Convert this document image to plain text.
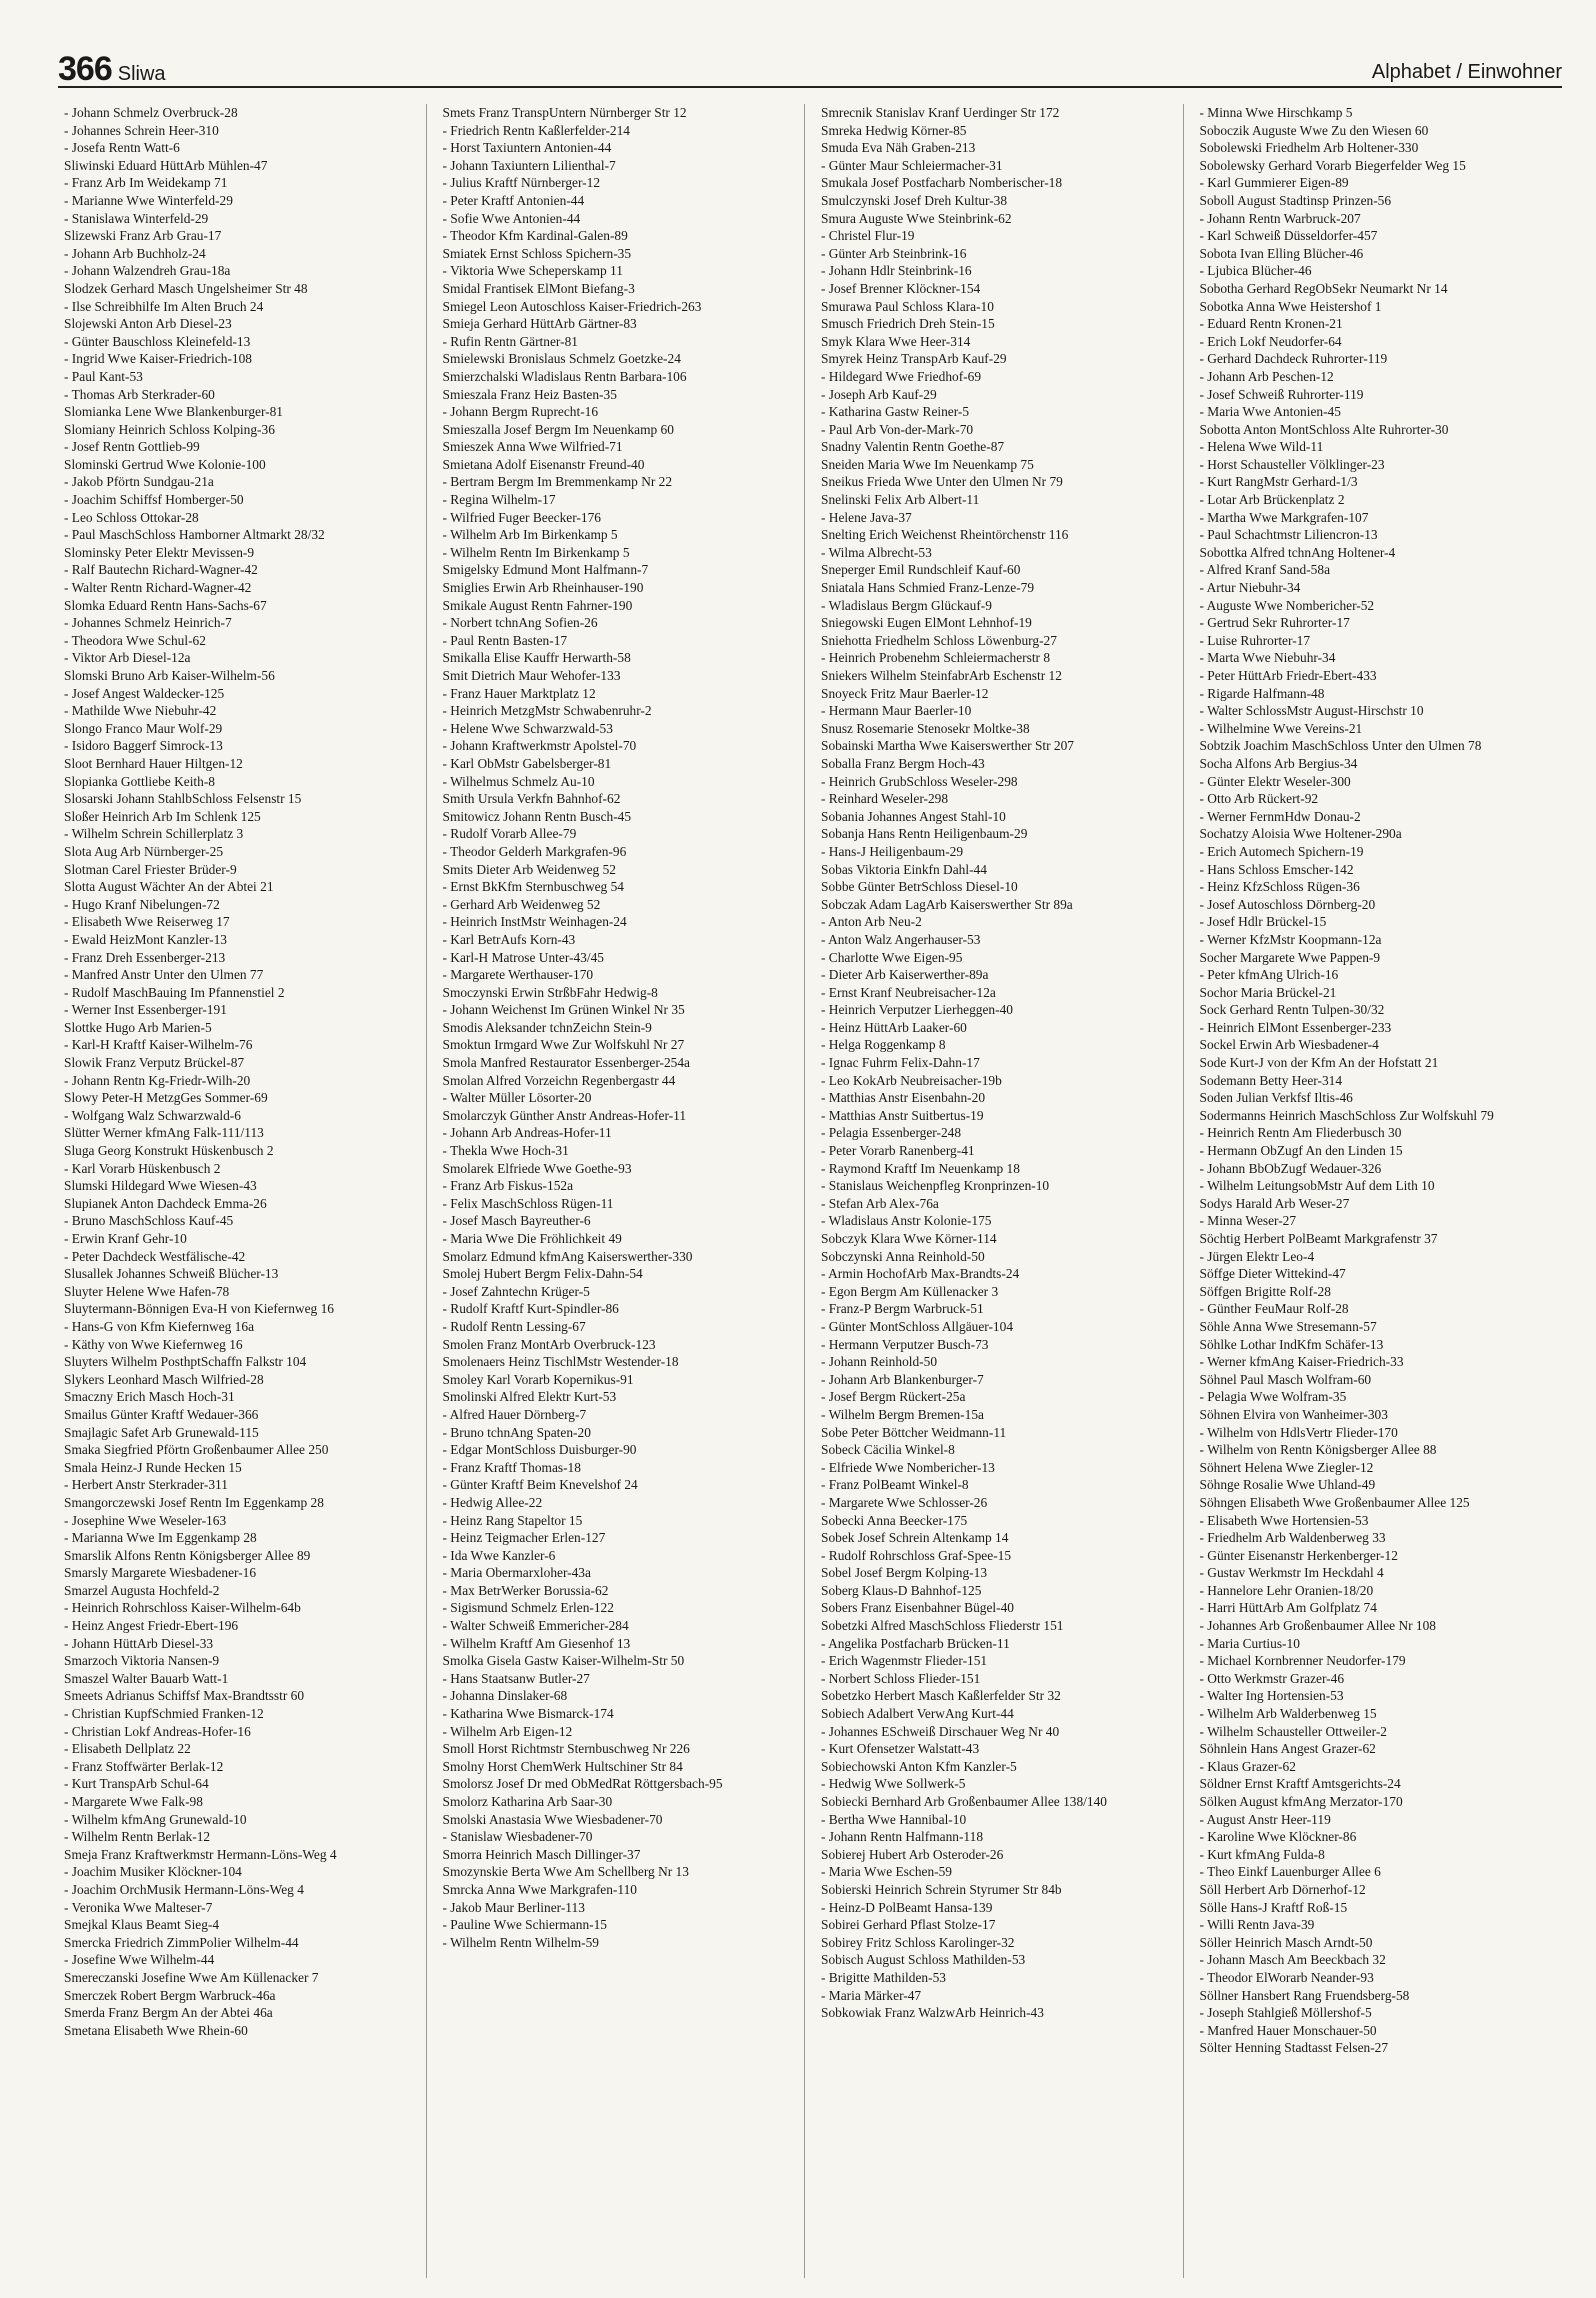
366 Sliwa	Alphabet / Einwohner

- Johann Schmelz Overbruck-28

- Johannes Schrein Heer-310

- Josefa Rentn Watt-6

Sliwinski Eduard HüttArb Mühlen-47

- Franz Arb Im Weidekamp 71

- Marianne Wwe Winterfeld-29

- Stanislawa Winterfeld-29

Slizewski Franz Arb Grau-17

- Johann Arb Buchholz-24

- Johann Walzendreh Grau-18a

Slodzek Gerhard Masch Ungelsheimer Str 48

- Ilse Schreibhilfe Im Alten Bruch 24

Slojewski Anton Arb Diesel-23

- Günter Bauschloss Kleinefeld-13

- Ingrid Wwe Kaiser-Friedrich-108

- Paul Kant-53

- Thomas Arb Sterkrader-60

Slomianka Lene Wwe Blankenburger-81

Slomiany Heinrich Schloss Kolping-36

- Josef Rentn Gottlieb-99

Slominski Gertrud Wwe Kolonie-100

- Jakob Pförtn Sundgau-21a

- Joachim Schiffsf Homberger-50

- Leo Schloss Ottokar-28

- Paul MaschSchloss Hamborner Altmarkt 28/32

Slominsky Peter Elektr Mevissen-9

- Ralf Bautechn Richard-Wagner-42

- Walter Rentn Richard-Wagner-42

Slomka Eduard Rentn Hans-Sachs-67

- Johannes Schmelz Heinrich-7

- Theodora Wwe Schul-62

- Viktor Arb Diesel-12a

Slomski Bruno Arb Kaiser-Wilhelm-56

- Josef Angest Waldecker-125

- Mathilde Wwe Niebuhr-42

Slongo Franco Maur Wolf-29

- Isidoro Baggerf Simrock-13

Sloot Bernhard Hauer Hiltgen-12

Slopianka Gottliebe Keith-8

Slosarski Johann StahlbSchloss Felsenstr 15

Sloßer Heinrich Arb Im Schlenk 125

- Wilhelm Schrein Schillerplatz 3

Slota Aug Arb Nürnberger-25

Slotman Carel Friester Brüder-9

Slotta August Wächter An der Abtei 21

- Hugo Kranf Nibelungen-72

- Elisabeth Wwe Reiserweg 17

- Ewald HeizMont Kanzler-13

- Franz Dreh Essenberger-213

- Manfred Anstr Unter den Ulmen 77

- Rudolf MaschBauing Im Pfannenstiel 2

- Werner Inst Essenberger-191

Slottke Hugo Arb Marien-5

- Karl-H Kraftf Kaiser-Wilhelm-76

Slowik Franz Verputz Brückel-87

- Johann Rentn Kg-Friedr-Wilh-20

Slowy Peter-H MetzgGes Sommer-69

- Wolfgang Walz Schwarzwald-6

Slütter Werner kfmAng Falk-111/113

Sluga Georg Konstrukt Hüskenbusch 2

- Karl Vorarb Hüskenbusch 2

Slumski Hildegard Wwe Wiesen-43

Slupianek Anton Dachdeck Emma-26

- Bruno MaschSchloss Kauf-45

- Erwin Kranf Gehr-10

- Peter Dachdeck Westfälische-42

Slusallek Johannes Schweiß Blücher-13

Sluyter Helene Wwe Hafen-78

Sluytermann-Bönnigen Eva-H von Kiefernweg 16

- Hans-G von Kfm Kiefernweg 16a

- Käthy von Wwe Kiefernweg 16

Sluyters Wilhelm PosthptSchaffn Falkstr 104

Slykers Leonhard Masch Wilfried-28

Smaczny Erich Masch Hoch-31

Smailus Günter Kraftf Wedauer-366

Smajlagic Safet Arb Grunewald-115

Smaka Siegfried Pförtn Großenbaumer Allee 250

Smala Heinz-J Runde Hecken 15

- Herbert Anstr Sterkrader-311

Smangorczewski Josef Rentn Im Eggenkamp 28

- Josephine Wwe Weseler-163

- Marianna Wwe Im Eggenkamp 28

Smarslik Alfons Rentn Königsberger Allee 89

Smarsly Margarete Wiesbadener-16

Smarzel Augusta Hochfeld-2

- Heinrich Rohrschloss Kaiser-Wilhelm-64b

- Heinz Angest Friedr-Ebert-196

- Johann HüttArb Diesel-33

Smarzoch Viktoria Nansen-9

Smaszel Walter Bauarb Watt-1

Smeets Adrianus Schiffsf Max-Brandtsstr 60

- Christian KupfSchmied Franken-12

- Christian Lokf Andreas-Hofer-16

- Elisabeth Dellplatz 22

- Franz Stoffwärter Berlak-12

- Kurt TranspArb Schul-64

- Margarete Wwe Falk-98

- Wilhelm kfmAng Grunewald-10

- Wilhelm Rentn Berlak-12

Smeja Franz Kraftwerkmstr Hermann-Löns-Weg 4

- Joachim Musiker Klöckner-104

- Joachim OrchMusik Hermann-Löns-Weg 4

- Veronika Wwe Malteser-7

Smejkal Klaus Beamt Sieg-4

Smercka Friedrich ZimmPolier Wilhelm-44

- Josefine Wwe Wilhelm-44

Smereczanski Josefine Wwe Am Küllenacker 7

Smerczek Robert Bergm Warbruck-46a

Smerda Franz Bergm An der Abtei 46a

Smetana Elisabeth Wwe Rhein-60

Smets Franz TranspUntern Nürnberger Str 12

- Friedrich Rentn Kaßlerfelder-214

- Horst Taxiuntern Antonien-44

- Johann Taxiuntern Lilienthal-7

- Julius Kraftf Nürnberger-12

- Peter Kraftf Antonien-44

- Sofie Wwe Antonien-44

- Theodor Kfm Kardinal-Galen-89

Smiatek Ernst Schloss Spichern-35

- Viktoria Wwe Scheperskamp 11

Smidal Frantisek ElMont Biefang-3

Smiegel Leon Autoschloss Kaiser-Friedrich-263

Smieja Gerhard HüttArb Gärtner-83

- Rufin Rentn Gärtner-81

Smielewski Bronislaus Schmelz Goetzke-24

Smierzchalski Wladislaus Rentn Barbara-106

Smieszala Franz Heiz Basten-35

- Johann Bergm Ruprecht-16

Smieszalla Josef Bergm Im Neuenkamp 60

Smieszek Anna Wwe Wilfried-71

Smietana Adolf Eisenanstr Freund-40

- Bertram Bergm Im Bremmenkamp Nr 22

- Regina Wilhelm-17

- Wilfried Fuger Beecker-176

- Wilhelm Arb Im Birkenkamp 5

- Wilhelm Rentn Im Birkenkamp 5

Smigelsky Edmund Mont Halfmann-7

Smiglies Erwin Arb Rheinhauser-190

Smikale August Rentn Fahrner-190

- Norbert tchnAng Sofien-26

- Paul Rentn Basten-17

Smikalla Elise Kauffr Herwarth-58

Smit Dietrich Maur Wehofer-133

- Franz Hauer Marktplatz 12

- Heinrich MetzgMstr Schwabenruhr-2

- Helene Wwe Schwarzwald-53

- Johann Kraftwerkmstr Apolstel-70

- Karl ObMstr Gabelsberger-81

- Wilhelmus Schmelz Au-10

Smith Ursula Verkfn Bahnhof-62

Smitowicz Johann Rentn Busch-45

- Rudolf Vorarb Allee-79

- Theodor Gelderh Markgrafen-96

Smits Dieter Arb Weidenweg 52

- Ernst BkKfm Sternbuschweg 54

- Gerhard Arb Weidenweg 52

- Heinrich InstMstr Weinhagen-24

- Karl BetrAufs Korn-43

- Karl-H Matrose Unter-43/45

- Margarete Werthauser-170

Smoczynski Erwin StrßbFahr Hedwig-8

- Johann Weichenst Im Grünen Winkel Nr 35

Smodis Aleksander tchnZeichn Stein-9

Smoktun Irmgard Wwe Zur Wolfskuhl Nr 27

Smola Manfred Restaurator Essenberger-254a

Smolan Alfred Vorzeichn Regenbergastr 44

- Walter Müller Lösorter-20

Smolarczyk Günther Anstr Andreas-Hofer-11

- Johann Arb Andreas-Hofer-11

- Thekla Wwe Hoch-31

Smolarek Elfriede Wwe Goethe-93

- Franz Arb Fiskus-152a

- Felix MaschSchloss Rügen-11

- Josef Masch Bayreuther-6

- Maria Wwe Die Fröhlichkeit 49

Smolarz Edmund kfmAng Kaiserswerther-330

Smolej Hubert Bergm Felix-Dahn-54

- Josef Zahntechn Krüger-5

- Rudolf Kraftf Kurt-Spindler-86

- Rudolf Rentn Lessing-67

Smolen Franz MontArb Overbruck-123

Smolenaers Heinz TischlMstr Westender-18

Smoley Karl Vorarb Kopernikus-91

Smolinski Alfred Elektr Kurt-53

- Alfred Hauer Dörnberg-7

- Bruno tchnAng Spaten-20

- Edgar MontSchloss Duisburger-90

- Franz Kraftf Thomas-18

- Günter Kraftf Beim Knevelshof 24

- Hedwig Allee-22

- Heinz Rang Stapeltor 15

- Heinz Teigmacher Erlen-127

- Ida Wwe Kanzler-6

- Maria Obermarxloher-43a

- Max BetrWerker Borussia-62

- Sigismund Schmelz Erlen-122

- Walter Schweiß Emmericher-284

- Wilhelm Kraftf Am Giesenhof 13

Smolka Gisela Gastw Kaiser-Wilhelm-Str 50

- Hans Staatsanw Butler-27

- Johanna Dinslaker-68

- Katharina Wwe Bismarck-174

- Wilhelm Arb Eigen-12

Smoll Horst Richtmstr Sternbuschweg Nr 226

Smolny Horst ChemWerk Hultschiner Str 84

Smolorsz Josef Dr med ObMedRat Röttgersbach-95

Smolorz Katharina Arb Saar-30

Smolski Anastasia Wwe Wiesbadener-70

- Stanislaw Wiesbadener-70

Smorra Heinrich Masch Dillinger-37

Smozynskie Berta Wwe Am Schellberg Nr 13

Smrcka Anna Wwe Markgrafen-110

- Jakob Maur Berliner-113

- Pauline Wwe Schiermann-15

- Wilhelm Rentn Wilhelm-59

Smrecnik Stanislav Kranf Uerdinger Str 172

Smreka Hedwig Körner-85

Smuda Eva Näh Graben-213

- Günter Maur Schleiermacher-31

Smukala Josef Postfacharb Nomberischer-18

Smulczynski Josef Dreh Kultur-38

Smura Auguste Wwe Steinbrink-62

- Christel Flur-19

- Günter Arb Steinbrink-16

- Johann Hdlr Steinbrink-16

- Josef Brenner Klöckner-154

Smurawa Paul Schloss Klara-10

Smusch Friedrich Dreh Stein-15

Smyk Klara Wwe Heer-314

Smyrek Heinz TranspArb Kauf-29

- Hildegard Wwe Friedhof-69

- Joseph Arb Kauf-29

- Katharina Gastw Reiner-5

- Paul Arb Von-der-Mark-70

Snadny Valentin Rentn Goethe-87

Sneiden Maria Wwe Im Neuenkamp 75

Sneikus Frieda Wwe Unter den Ulmen Nr 79

Snelinski Felix Arb Albert-11

- Helene Java-37

Snelting Erich Weichenst Rheintörchenstr 116

- Wilma Albrecht-53

Sneperger Emil Rundschleif Kauf-60

Sniatala Hans Schmied Franz-Lenze-79

- Wladislaus Bergm Glückauf-9

Sniegowski Eugen ElMont Lehnhof-19

Sniehotta Friedhelm Schloss Löwenburg-27

- Heinrich Probenehm Schleiermacherstr 8

Sniekers Wilhelm SteinfabrArb Eschenstr 12

Snoyeck Fritz Maur Baerler-12

- Hermann Maur Baerler-10

Snusz Rosemarie Stenosekr Moltke-38

Sobainski Martha Wwe Kaiserswerther Str 207

Soballa Franz Bergm Hoch-43

- Heinrich GrubSchloss Weseler-298

- Reinhard Weseler-298

Sobania Johannes Angest Stahl-10

Sobanja Hans Rentn Heiligenbaum-29

- Hans-J Heiligenbaum-29

Sobas Viktoria Einkfn Dahl-44

Sobbe Günter BetrSchloss Diesel-10

Sobczak Adam LagArb Kaiserswerther Str 89a

- Anton Arb Neu-2

- Anton Walz Angerhauser-53

- Charlotte Wwe Eigen-95

- Dieter Arb Kaiserwerther-89a

- Ernst Kranf Neubreisacher-12a

- Heinrich Verputzer Lierheggen-40

- Heinz HüttArb Laaker-60

- Helga Roggenkamp 8

- Ignac Fuhrm Felix-Dahn-17

- Leo KokArb Neubreisacher-19b

- Matthias Anstr Eisenbahn-20

- Matthias Anstr Suitbertus-19

- Pelagia Essenberger-248

- Peter Vorarb Ranenberg-41

- Raymond Kraftf Im Neuenkamp 18

- Stanislaus Weichenpfleg Kronprinzen-10

- Stefan Arb Alex-76a

- Wladislaus Anstr Kolonie-175

Sobczyk Klara Wwe Körner-114

Sobczynski Anna Reinhold-50

- Armin HochofArb Max-Brandts-24

- Egon Bergm Am Küllenacker 3

- Franz-P Bergm Warbruck-51

- Günter MontSchloss Allgäuer-104

- Hermann Verputzer Busch-73

- Johann Reinhold-50

- Johann Arb Blankenburger-7

- Josef Bergm Rückert-25a

- Wilhelm Bergm Bremen-15a

Sobe Peter Böttcher Weidmann-11

Sobeck Cäcilia Winkel-8

- Elfriede Wwe Nombericher-13

- Franz PolBeamt Winkel-8

- Margarete Wwe Schlosser-26

Sobecki Anna Beecker-175

Sobek Josef Schrein Altenkamp 14

- Rudolf Rohrschloss Graf-Spee-15

Sobel Josef Bergm Kolping-13

Soberg Klaus-D Bahnhof-125

Sobers Franz Eisenbahner Bügel-40

Sobetzki Alfred MaschSchloss Fliederstr 151

- Angelika Postfacharb Brücken-11

- Erich Wagenmstr Flieder-151

- Norbert Schloss Flieder-151

Sobetzko Herbert Masch Kaßlerfelder Str 32

Sobiech Adalbert VerwAng Kurt-44

- Johannes ESchweiß Dirschauer Weg Nr 40

- Kurt Ofensetzer Walstatt-43

Sobiechowski Anton Kfm Kanzler-5

- Hedwig Wwe Sollwerk-5

Sobiecki Bernhard Arb Großenbaumer Allee 138/140

- Bertha Wwe Hannibal-10

- Johann Rentn Halfmann-118

Sobierej Hubert Arb Osteroder-26

- Maria Wwe Eschen-59

Sobierski Heinrich Schrein Styrumer Str 84b

- Heinz-D PolBeamt Hansa-139

Sobirei Gerhard Pflast Stolze-17

Sobirey Fritz Schloss Karolinger-32

Sobisch August Schloss Mathilden-53

- Brigitte Mathilden-53

- Maria Märker-47

Sobkowiak Franz WalzwArb Heinrich-43

- Minna Wwe Hirschkamp 5

Soboczik Auguste Wwe Zu den Wiesen 60

Sobolewski Friedhelm Arb Holtener-330

Sobolewsky Gerhard Vorarb Biegerfelder Weg 15

- Karl Gummierer Eigen-89

Soboll August Stadtinsp Prinzen-56

- Johann Rentn Warbruck-207

- Karl Schweiß Düsseldorfer-457

Sobota Ivan Elling Blücher-46

- Ljubica Blücher-46

Sobotha Gerhard RegObSekr Neumarkt Nr 14

Sobotka Anna Wwe Heistershof 1

- Eduard Rentn Kronen-21

- Erich Lokf Neudorfer-64

- Gerhard Dachdeck Ruhrorter-119

- Johann Arb Peschen-12

- Josef Schweiß Ruhrorter-119

- Maria Wwe Antonien-45

Sobotta Anton MontSchloss Alte Ruhrorter-30

- Helena Wwe Wild-11

- Horst Schausteller Völklinger-23

- Kurt RangMstr Gerhard-1/3

- Lotar Arb Brückenplatz 2

- Martha Wwe Markgrafen-107

- Paul Schachtmstr Liliencron-13

Sobottka Alfred tchnAng Holtener-4

- Alfred Kranf Sand-58a

- Artur Niebuhr-34

- Auguste Wwe Nombericher-52

- Gertrud Sekr Ruhrorter-17

- Luise Ruhrorter-17

- Marta Wwe Niebuhr-34

- Peter HüttArb Friedr-Ebert-433

- Rigarde Halfmann-48

- Walter SchlossMstr August-Hirschstr 10

- Wilhelmine Wwe Vereins-21

Sobtzik Joachim MaschSchloss Unter den Ulmen 78

Socha Alfons Arb Bergius-34

- Günter Elektr Weseler-300

- Otto Arb Rückert-92

- Werner FernmHdw Donau-2

Sochatzy Aloisia Wwe Holtener-290a

- Erich Automech Spichern-19

- Hans Schloss Emscher-142

- Heinz KfzSchloss Rügen-36

- Josef Autoschloss Dörnberg-20

- Josef Hdlr Brückel-15

- Werner KfzMstr Koopmann-12a

Socher Margarete Wwe Pappen-9

- Peter kfmAng Ulrich-16

Sochor Maria Brückel-21

Sock Gerhard Rentn Tulpen-30/32

- Heinrich ElMont Essenberger-233

Sockel Erwin Arb Wiesbadener-4

Sode Kurt-J von der Kfm An der Hofstatt 21

Sodemann Betty Heer-314

Soden Julian Verkfsf Iltis-46

Sodermanns Heinrich MaschSchloss Zur Wolfskuhl 79

- Heinrich Rentn Am Fliederbusch 30

- Hermann ObZugf An den Linden 15

- Johann BbObZugf Wedauer-326

- Wilhelm LeitungsobMstr Auf dem Lith 10

Sodys Harald Arb Weser-27

- Minna Weser-27

Söchtig Herbert PolBeamt Markgrafenstr 37

- Jürgen Elektr Leo-4

Söffge Dieter Wittekind-47

Söffgen Brigitte Rolf-28

- Günther FeuMaur Rolf-28

Söhle Anna Wwe Stresemann-57

Söhlke Lothar IndKfm Schäfer-13

- Werner kfmAng Kaiser-Friedrich-33

Söhnel Paul Masch Wolfram-60

- Pelagia Wwe Wolfram-35

Söhnen Elvira von Wanheimer-303

- Wilhelm von HdlsVertr Flieder-170

- Wilhelm von Rentn Königsberger Allee 88

Söhnert Helena Wwe Ziegler-12

Söhnge Rosalie Wwe Uhland-49

Söhngen Elisabeth Wwe Großenbaumer Allee 125

- Elisabeth Wwe Hortensien-53

- Friedhelm Arb Waldenberweg 33

- Günter Eisenanstr Herkenberger-12

- Gustav Werkmstr Im Heckdahl 4

- Hannelore Lehr Oranien-18/20

- Harri HüttArb Am Golfplatz 74

- Johannes Arb Großenbaumer Allee Nr 108

- Maria Curtius-10

- Michael Kornbrenner Neudorfer-179

- Otto Werkmstr Grazer-46

- Walter Ing Hortensien-53

- Wilhelm Arb Walderbenweg 15

- Wilhelm Schausteller Ottweiler-2

Söhnlein Hans Angest Grazer-62

- Klaus Grazer-62

Söldner Ernst Kraftf Amtsgerichts-24

Sölken August kfmAng Merzator-170

- August Anstr Heer-119

- Karoline Wwe Klöckner-86

- Kurt kfmAng Fulda-8

- Theo Einkf Lauenburger Allee 6

Söll Herbert Arb Dörnerhof-12

Sölle Hans-J Kraftf Roß-15

- Willi Rentn Java-39

Söller Heinrich Masch Arndt-50

- Johann Masch Am Beeckbach 32

- Theodor ElWorarb Neander-93

Söllner Hansbert Rang Fruendsberg-58

- Joseph Stahlgieß Möllershof-5

- Manfred Hauer Monschauer-50

Sölter Henning Stadtasst Felsen-27
